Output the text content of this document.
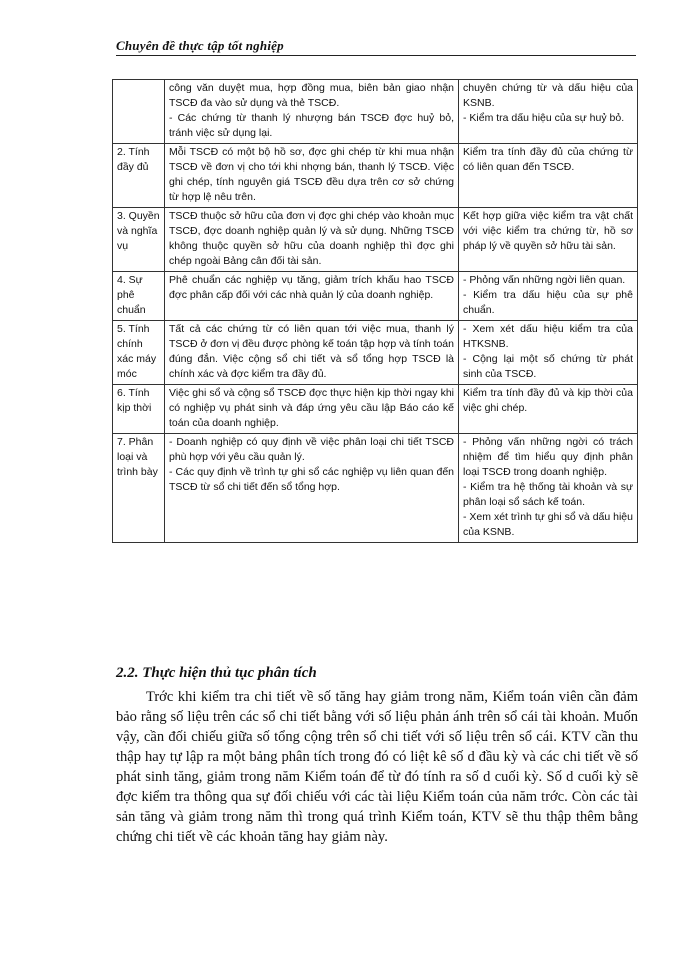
Chuyên đề thực tập tốt nghiệp

	công văn duyệt mua, hợp đồng mua, biên bản giao nhận TSCĐ đa vào sử dụng và thẻ TSCĐ.
- Các chứng từ thanh lý nhượng bán TSCĐ đợc huỷ bỏ, tránh việc sử dụng lại.	chuyên chứng từ và dấu hiệu của KSNB.
- Kiểm tra dấu hiệu của sự huỷ bỏ.

2. Tính đầy đủ	Mỗi TSCĐ có một bộ hồ sơ, đợc ghi chép từ khi mua nhận TSCĐ về đơn vị cho tới khi nhợng bán, thanh lý TSCĐ. Việc ghi chép, tính nguyên giá TSCĐ đều dựa trên cơ sở chứng từ hợp lệ nêu trên.	Kiểm tra tính đầy đủ của chứng từ có liên quan đến TSCĐ.

3. Quyền và nghĩa vụ	TSCĐ thuộc sở hữu của đơn vị đợc ghi chép vào khoản mục TSCĐ, đợc doanh nghiệp quản lý và sử dụng. Những TSCĐ không thuộc quyền sở hữu của doanh nghiệp thì đợc ghi chép ngoài Bảng cân đối tài sản.	Kết hợp giữa việc kiểm tra vật chất với việc kiểm tra chứng từ, hồ sơ pháp lý về quyền sở hữu tài sản.

4. Sự phê chuẩn	Phê chuẩn các nghiệp vụ tăng, giảm trích khấu hao TSCĐ đợc phân cấp đối với các nhà quản lý của doanh nghiệp.	- Phỏng vấn những ngời liên quan.
- Kiểm tra dấu hiệu của sự phê chuẩn.

5. Tính chính xác máy móc	Tất cả các chứng từ có liên quan tới việc mua, thanh lý TSCĐ ở đơn vị đều được phòng kế toán tập hợp và tính toán đúng đắn. Việc cộng sổ chi tiết và sổ tổng hợp TSCĐ là chính xác và đợc kiểm tra đầy đủ.	- Xem xét dấu hiệu kiểm tra của HTKSNB.
- Cộng lại một số chứng từ phát sinh của TSCĐ.

6. Tính kịp thời	Việc ghi sổ và cộng sổ TSCĐ đợc thực hiện kịp thời ngay khi có nghiệp vụ phát sinh và đáp ứng yêu cầu lập Báo cáo kế toán của doanh nghiệp.	Kiểm tra tính đầy đủ và kịp thời của việc ghi chép.

7. Phân loại và trình bày	- Doanh nghiệp có quy định về việc phân loại chi tiết TSCĐ phù hợp với yêu cầu quản lý.
- Các quy định về trình tự ghi sổ các nghiệp vụ liên quan đến TSCĐ từ sổ chi tiết đến sổ tổng hợp.	- Phỏng vấn những ngời có trách nhiệm để tìm hiểu quy định phân loại TSCĐ trong doanh nghiệp.
- Kiểm tra hệ thống tài khoản và sự phân loại sổ sách kế toán.
- Xem xét trình tự ghi sổ và dấu hiệu của KSNB.
2.2. Thực hiện thủ tục phân tích

Trớc khi kiểm tra chi tiết về số tăng hay giảm trong năm, Kiểm toán viên cần đảm bảo rằng số liệu trên các sổ chi tiết bằng với số liệu phản ánh trên sổ cái tài khoản. Muốn vậy, cần đối chiếu giữa số tổng cộng trên sổ chi tiết với số liệu trên sổ cái. KTV cần thu thập hay tự lập ra một bảng phân tích trong đó có liệt kê số d đầu kỳ và các chi tiết về số phát sinh tăng, giảm trong năm Kiểm toán để từ đó tính ra số d cuối kỳ. Số d cuối kỳ sẽ đợc kiểm tra thông qua sự đối chiếu với các tài liệu Kiểm toán của năm trớc. Còn các tài sản tăng và giảm trong năm thì trong quá trình Kiểm toán, KTV sẽ thu thập thêm bằng chứng chi tiết về các khoản tăng hay giảm này.
